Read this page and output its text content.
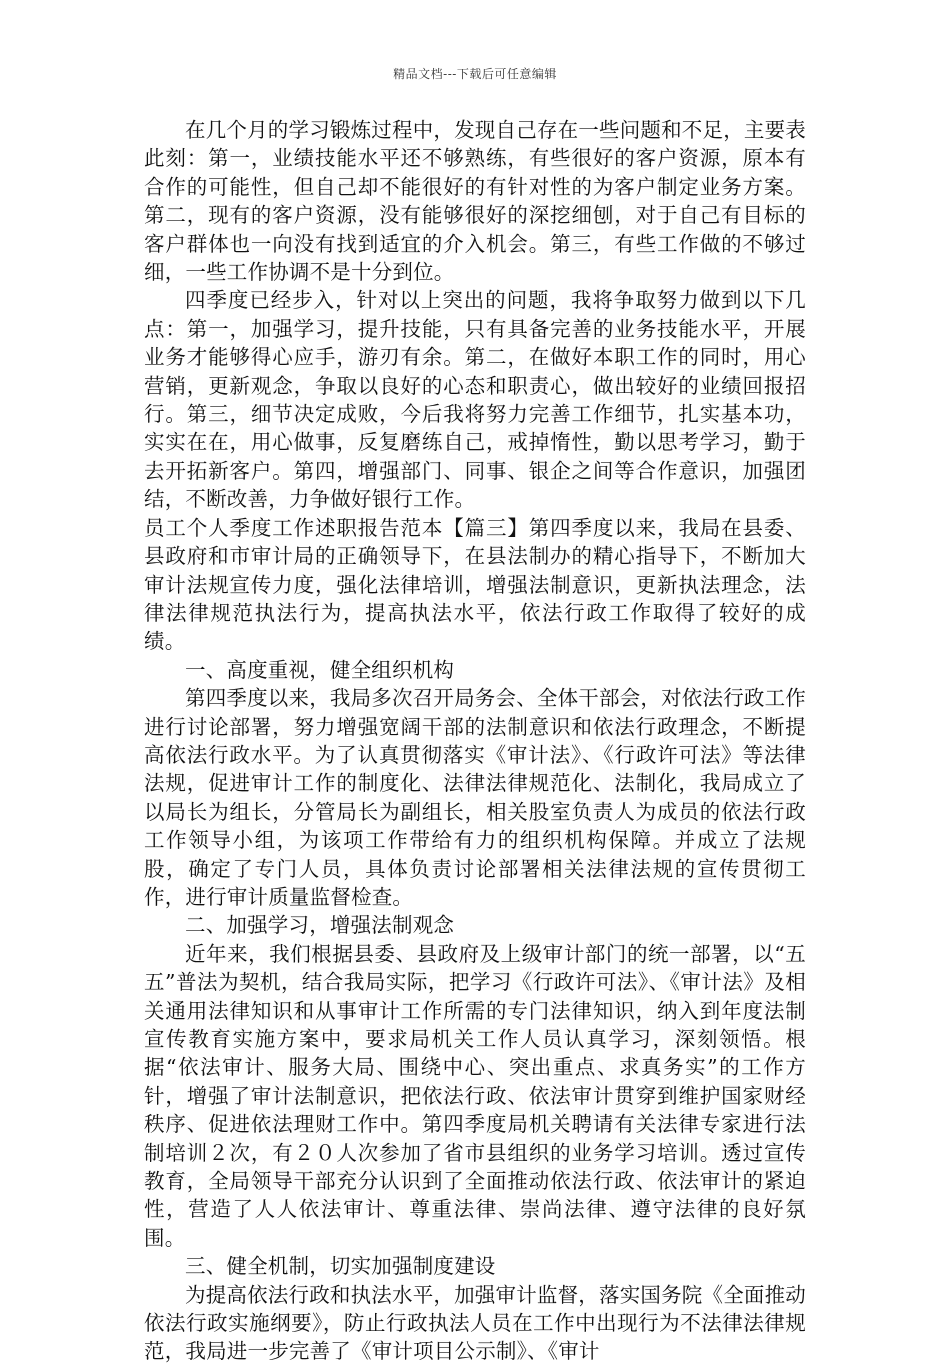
精品文档---下载后可任意编辑

在几个月的学习锻炼过程中，发现自己存在一些问题和不足，主要表此刻：第一，业绩技能水平还不够熟练，有些很好的客户资源，原本有合作的可能性，但自己却不能很好的有针对性的为客户制定业务方案。第二，现有的客户资源，没有能够很好的深挖细刨，对于自己有目标的客户群体也一向没有找到适宜的介入机会。第三，有些工作做的不够过细，一些工作协调不是十分到位。

四季度已经步入，针对以上突出的问题，我将争取努力做到以下几点：第一，加强学习，提升技能，只有具备完善的业务技能水平，开展业务才能够得心应手，游刃有余。第二，在做好本职工作的同时，用心营销，更新观念，争取以良好的心态和职责心，做出较好的业绩回报招行。第三，细节决定成败，今后我将努力完善工作细节，扎实基本功，实实在在，用心做事，反复磨练自己，戒掉惰性，勤以思考学习，勤于去开拓新客户。第四，增强部门、同事、银企之间等合作意识，加强团结，不断改善，力争做好银行工作。

员工个人季度工作述职报告范本【篇三】第四季度以来，我局在县委、县政府和市审计局的正确领导下，在县法制办的精心指导下，不断加大审计法规宣传力度，强化法律培训，增强法制意识，更新执法理念，法律法律规范执法行为，提高执法水平，依法行政工作取得了较好的成绩。

一、高度重视，健全组织机构

第四季度以来，我局多次召开局务会、全体干部会，对依法行政工作进行讨论部署，努力增强宽阔干部的法制意识和依法行政理念，不断提高依法行政水平。为了认真贯彻落实《审计法》、《行政许可法》等法律法规，促进审计工作的制度化、法律法律规范化、法制化，我局成立了以局长为组长，分管局长为副组长，相关股室负责人为成员的依法行政工作领导小组，为该项工作带给有力的组织机构保障。并成立了法规股，确定了专门人员，具体负责讨论部署相关法律法规的宣传贯彻工作，进行审计质量监督检查。

二、加强学习，增强法制观念

近年来，我们根据县委、县政府及上级审计部门的统一部署，以“五五”普法为契机，结合我局实际，把学习《行政许可法》、《审计法》及相关通用法律知识和从事审计工作所需的专门法律知识，纳入到年度法制宣传教育实施方案中，要求局机关工作人员认真学习，深刻领悟。根据“依法审计、服务大局、围绕中心、突出重点、求真务实”的工作方针，增强了审计法制意识，把依法行政、依法审计贯穿到维护国家财经秩序、促进依法理财工作中。第四季度局机关聘请有关法律专家进行法制培训２次，有２０人次参加了省市县组织的业务学习培训。透过宣传教育，全局领导干部充分认识到了全面推动依法行政、依法审计的紧迫性，营造了人人依法审计、尊重法律、崇尚法律、遵守法律的良好氛围。

三、健全机制，切实加强制度建设

为提高依法行政和执法水平，加强审计监督，落实国务院《全面推动依法行政实施纲要》，防止行政执法人员在工作中出现行为不法律法律规范，我局进一步完善了《审计项目公示制》、《审计
